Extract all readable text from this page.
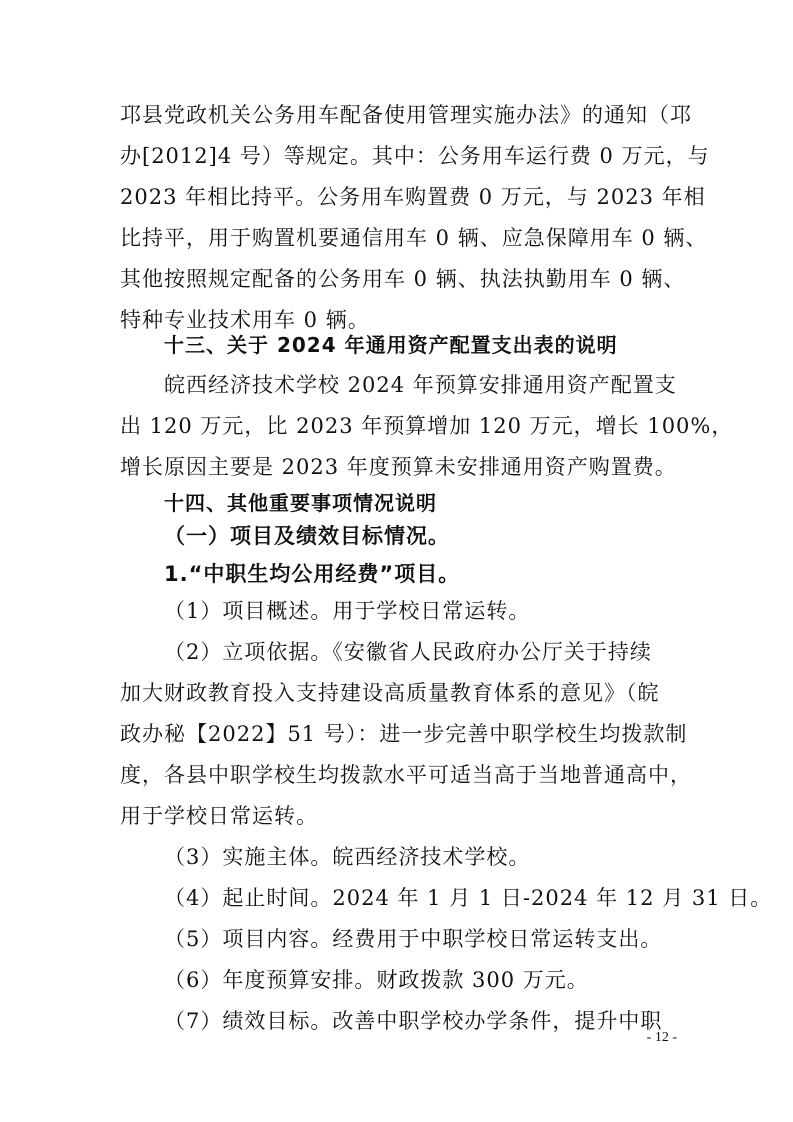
邛县党政机关公务用车配备使用管理实施办法》的通知（邛
办[2012]4 号）等规定。其中：公务用车运行费 0 万元，与
2023 年相比持平。公务用车购置费 0 万元，与 2023 年相
比持平，用于购置机要通信用车 0 辆、应急保障用车 0 辆、
其他按照规定配备的公务用车 0 辆、执法执勤用车 0 辆、
特种专业技术用车 0 辆。
十三、关于 2024 年通用资产配置支出表的说明
皖西经济技术学校 2024 年预算安排通用资产配置支
出 120 万元，比 2023 年预算增加 120 万元，增长 100%，
增长原因主要是 2023 年度预算未安排通用资产购置费。
十四、其他重要事项情况说明
（一）项目及绩效目标情况。
1.“中职生均公用经费”项目。
（1）项目概述。用于学校日常运转。
（2）立项依据。《安徽省人民政府办公厅关于持续
加大财政教育投入支持建设高质量教育体系的意见》（皖
政办秘【2022】51 号）：进一步完善中职学校生均拨款制
度，各县中职学校生均拨款水平可适当高于当地普通高中，
用于学校日常运转。
（3）实施主体。皖西经济技术学校。
（4）起止时间。2024 年 1 月 1 日-2024 年 12 月 31 日。
（5）项目内容。经费用于中职学校日常运转支出。
（6）年度预算安排。财政拨款 300 万元。
（7）绩效目标。改善中职学校办学条件，提升中职
- 12 -
